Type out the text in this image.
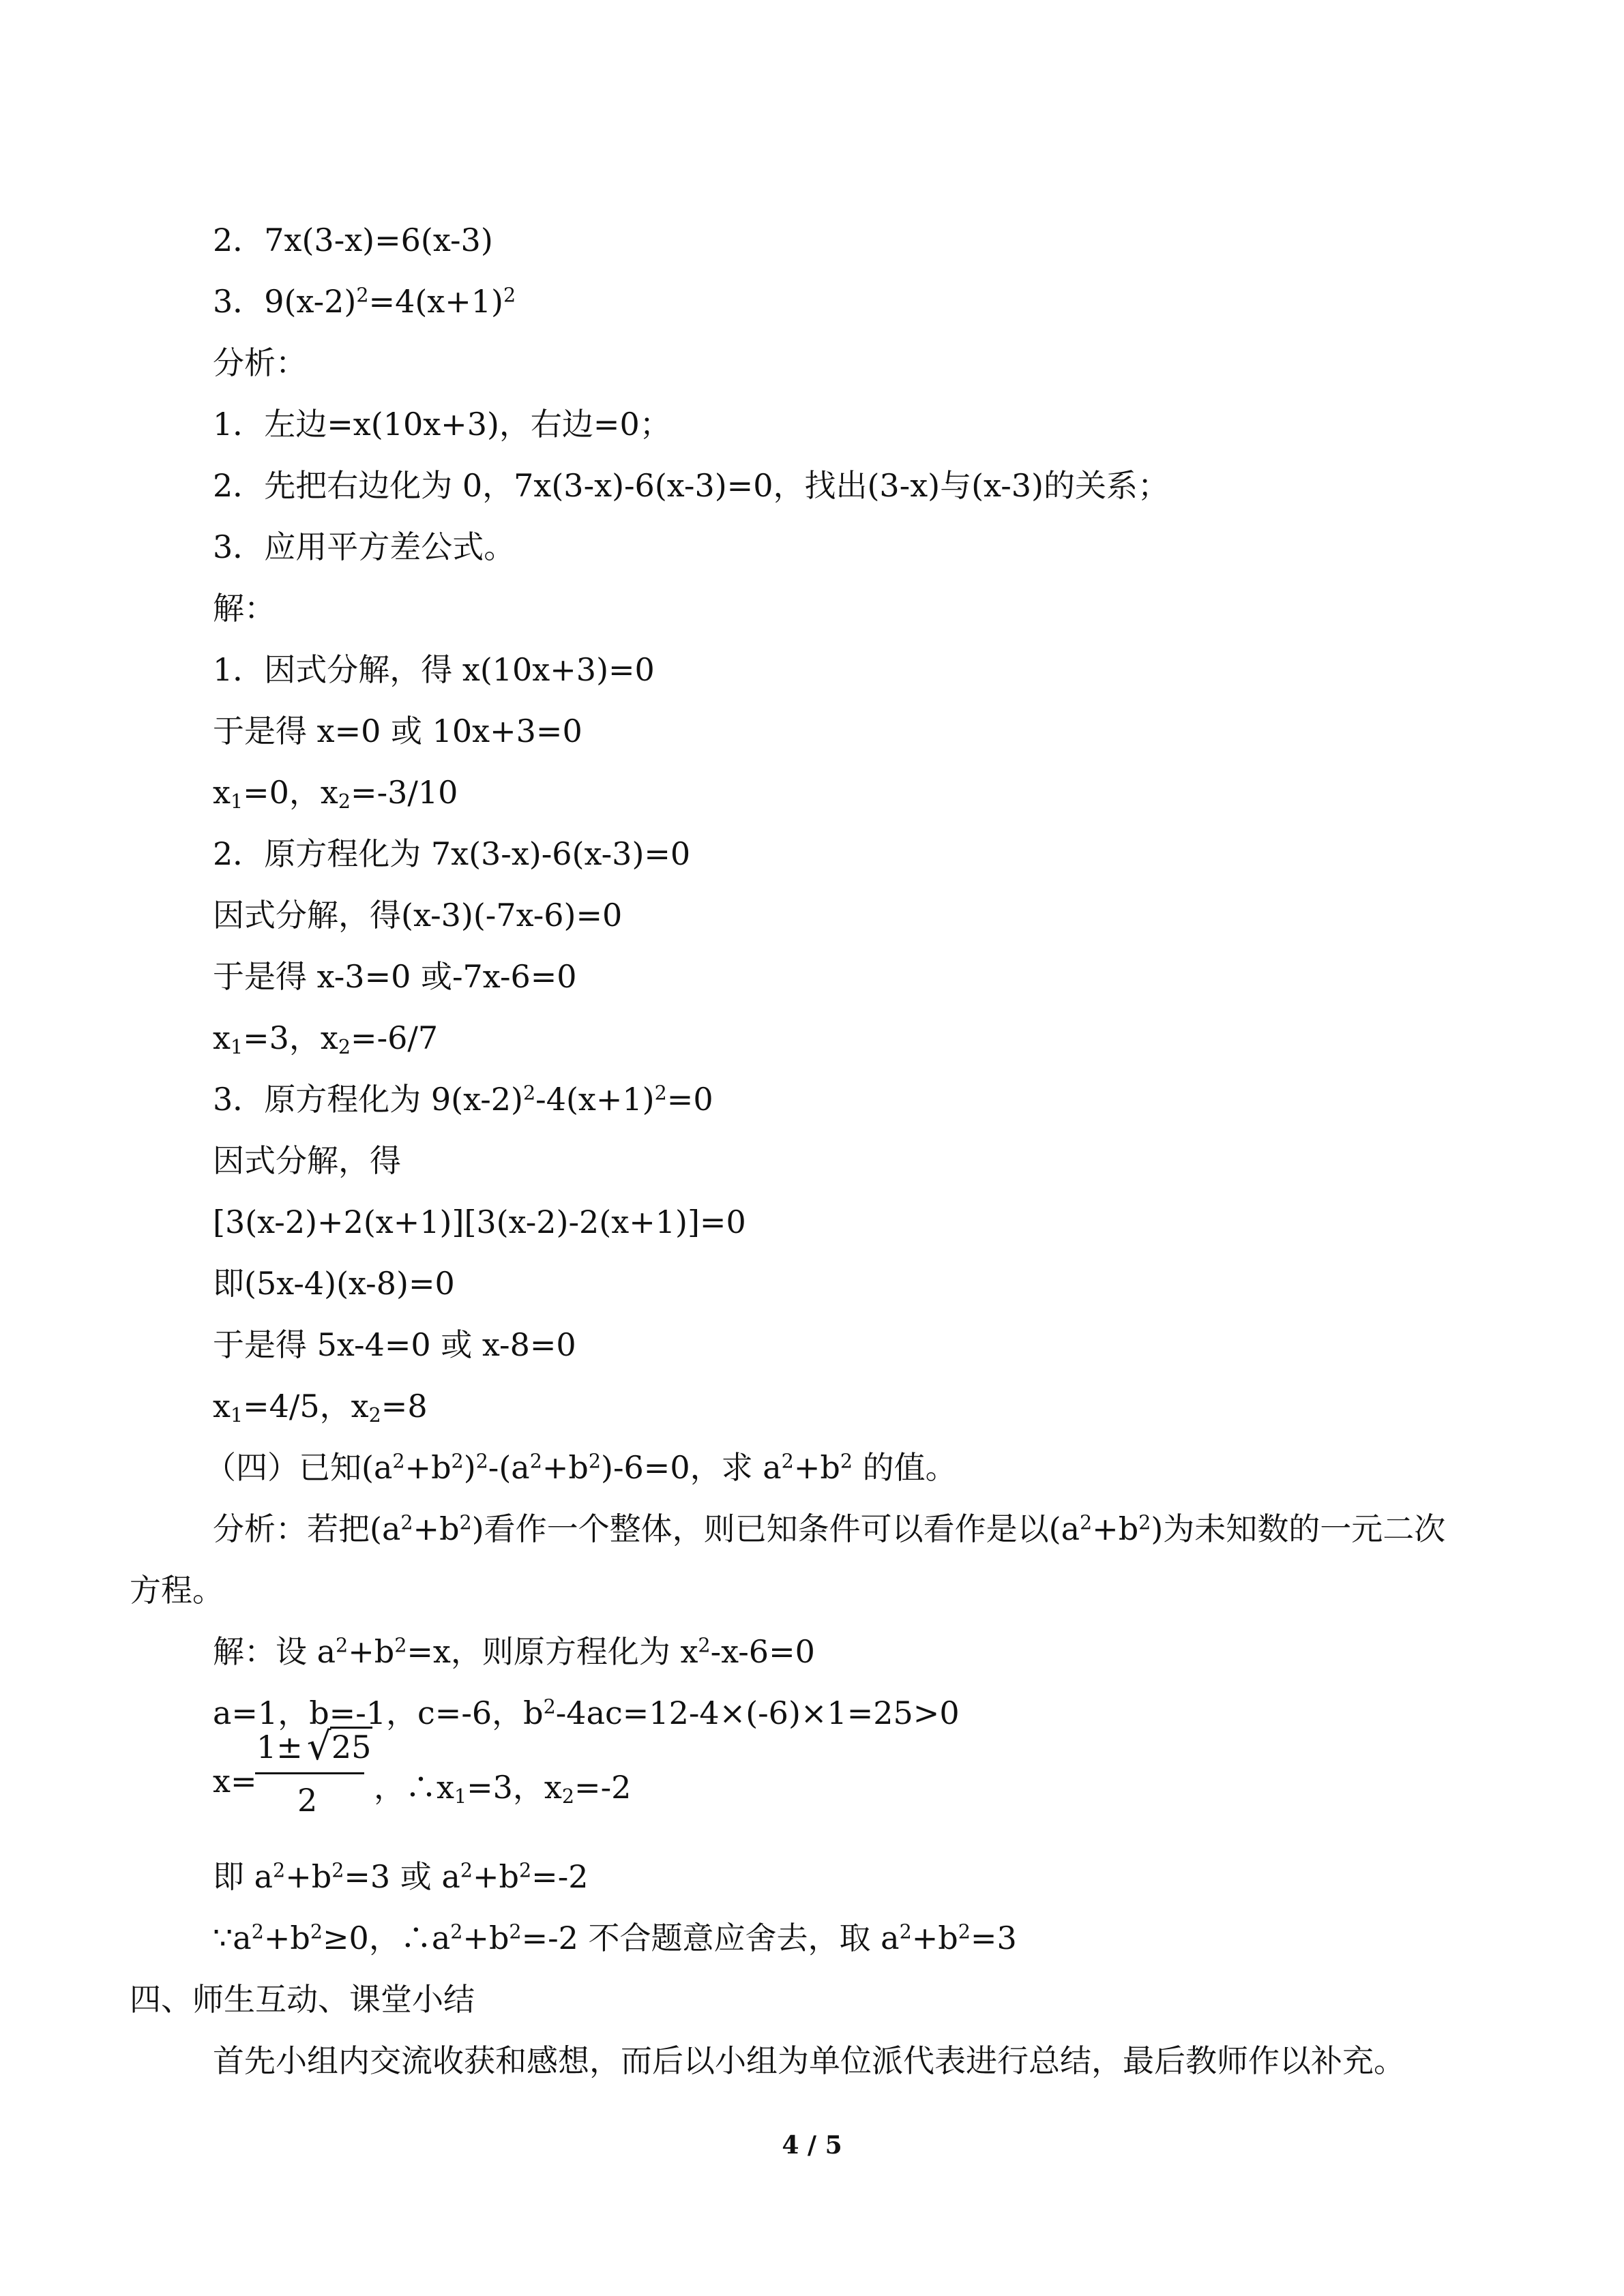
2．7x(3-x)=6(x-3)
3．$9(x-2)^2=4(x+1)^2$
分析：
1．左边=x(10x+3)，右边=0；
2．先把右边化为 0，7x(3-x)-6(x-3)=0，找出(3-x)与(x-3)的关系；
3．应用平方差公式。
解：
1．因式分解，得 x(10x+3)=0
于是得 x=0 或 10x+3=0
$x_1=0$，$x_2=-3/10$
2．原方程化为 7x(3-x)-6(x-3)=0
因式分解，得(x-3)(-7x-6)=0
于是得 x-3=0 或-7x-6=0
$x_1=3$，$x_2=-6/7$
3．原方程化为 $9(x-2)^2-4(x+1)^2=0$
因式分解，得
[3(x-2)+2(x+1)][3(x-2)-2(x+1)]=0
即(5x-4)(x-8)=0
于是得 5x-4=0 或 x-8=0
$x_1=4/5$，$x_2=8$
（四）已知$(a^2+b^2)^2-(a^2+b^2)-6=0$，求 $a^2+b^2$ 的值。
分析：若把$(a^2+b^2)$看作一个整体，则已知条件可以看作是以$(a^2+b^2)$为未知数的一元二次
方程。
解：设 $a^2+b^2=x$，则原方程化为 $x^2-x-6=0$
a=1，b=-1，c=-6，$b^2-4ac=12-4\times(-6)\times 1=25>0$
x=
1± √ 25
2 ，$\therefore x_1=3$，$x_2=-2$
即 $a^2+b^2=3$ 或 $a^2+b^2=-2$
$\because a^2+b^2\ge 0$，$\therefore a^2+b^2=-2$ 不合题意应舍去，取 $a^2+b^2=3$
四、师生互动、课堂小结
首先小组内交流收获和感想，而后以小组为单位派代表进行总结，最后教师作以补充。
4 / 5
